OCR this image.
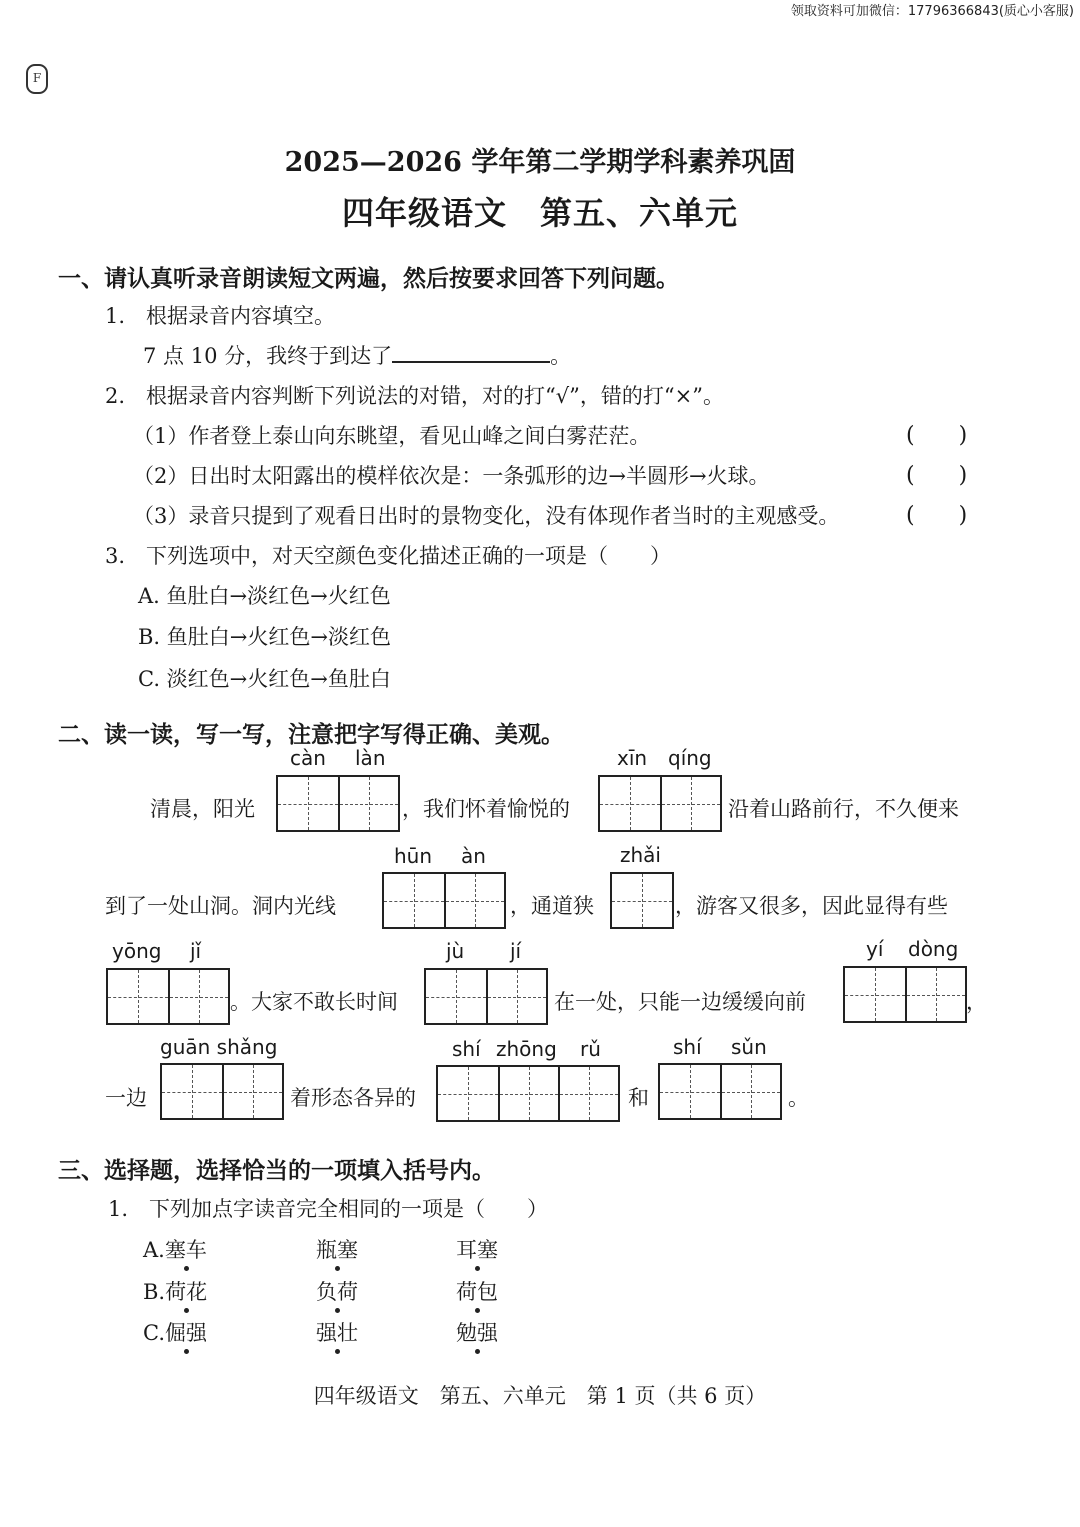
领取资料可加微信：17796366843(质心小客服)
F
2025—2026 学年第二学期学科素养巩固
四年级语文　第五、六单元
一、请认真听录音朗读短文两遍，然后按要求回答下列问题。
1.　根据录音内容填空。
7 点 10 分，我终于到达了	。
2.　根据录音内容判断下列说法的对错，对的打“√”，错的打“×”。
（1）作者登上泰山向东眺望，看见山峰之间白雾茫茫。	(　　)
（2）日出时太阳露出的模样依次是：一条弧形的边→半圆形→火球。	(　　)
（3）录音只提到了观看日出时的景物变化，没有体现作者当时的主观感受。	(　　)
3.　下列选项中，对天空颜色变化描述正确的一项是（　　）
A. 鱼肚白→淡红色→火红色
B. 鱼肚白→火红色→淡红色
C. 淡红色→火红色→鱼肚白
二、读一读，写一写，注意把字写得正确、美观。
càn làn	xīn qíng
清晨，阳光	，我们怀着愉悦的	沿着山路前行，不久便来
hūn àn	zhǎi
到了一处山洞。洞内光线	，通道狭	，游客又很多，因此显得有些
yōng jǐ	jù jí	yí dòng
。大家不敢长时间	在一处，只能一边缓缓向前	，
guān shǎng	shí zhōng rǔ	shí sǔn
一边	着形态各异的	和	。
三、选择题，选择恰当的一项填入括号内。
1.　下列加点字读音完全相同的一项是（　　）
A.塞车	瓶塞	耳塞
B.荷花	负荷	荷包
C.倔强	强壮	勉强
四年级语文　第五、六单元　第 1 页（共 6 页）
